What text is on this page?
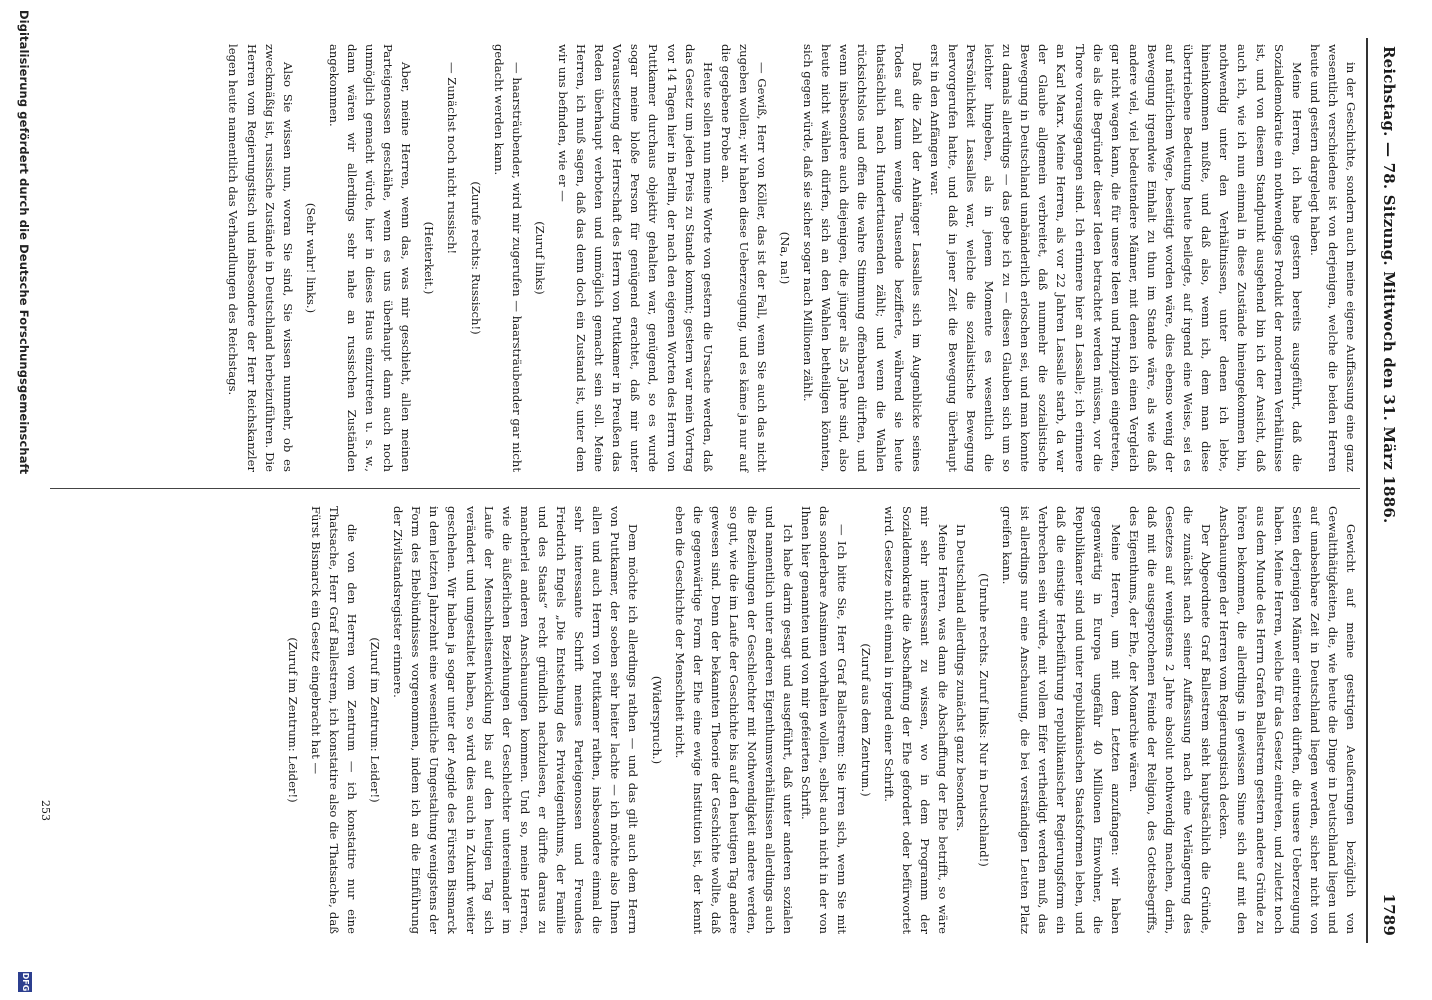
Reichstag. — 78. Sitzung. Mittwoch den 31. März 1886.
1789

in der Geschichte, sondern auch meine eigene Auffassung eine ganz wesentlich verschiedene ist von derjenigen, welche die beiden Herren heute und gestern dargelegt haben.

Meine Herren, ich habe gestern bereits ausgeführt, daß die Sozialdemokratie ein nothwendiges Produkt der modernen Verhältnisse ist, und von diesem Standpunkt ausgehend bin ich der Ansicht, daß auch ich, wie ich nun einmal in diese Zustände hineingekommen bin, nothwendig unter den Verhältnissen, unter denen ich lebte, hineinkommen mußte, und daß also, wenn ich, dem man diese übertriebene Bedeutung heute beilegte, auf irgend eine Weise, sei es auf natürlichem Wege, beseitigt worden wäre, dies ebenso wenig der Bewegung irgendwie Einhalt zu thun im Stande wäre, als wie daß andere viel, viel bedeutendere Männer, mit denen ich einen Vergleich gar nicht wagen kann, die für unsere Ideen und Prinzipien eingetreten, die als die Begründer dieser Ideen betrachtet werden müssen, vor die Thore vorausgegangen sind. Ich erinnere hier an Lassalle; ich erinnere an Karl Marx. Meine Herren, als vor 22 Jahren Lassalle starb, da war der Glaube allgemein verbreitet, daß nunmehr die sozialistische Bewegung in Deutschland unabänderlich erloschen sei, und man konnte zu damals allerdings — das gebe ich zu — diesen Glauben sich um so leichter hingeben, als in jenem Momente es wesentlich die Persönlichkeit Lassalles war, welche die sozialistische Bewegung hervorgerufen hatte, und daß in jener Zeit die Bewegung überhaupt erst in den Anfängen war.

Daß die Zahl der Anhänger Lassalles sich im Augenblicke seines Todes auf kaum wenige Tausende bezifferte, während sie heute thatsächlich nach Hunderttausenden zählt; und wenn die Wahlen rücksichtslos und offen die wahre Stimmung offenbaren dürften, und wenn insbesondere auch diejenigen, die jünger als 25 Jahre sind, also heute nicht wählen dürfen, sich an den Wahlen betheiligen könnten, sich gegen würde, daß sie sicher sogar nach Millionen zählt.

(Na, na!)

— Gewiß, Herr von Köller, das ist der Fall, wenn Sie auch das nicht zugeben wollen; wir haben diese Ueberzeugung, und es käme ja nur auf die gegebene Probe an.

Heute sollen nun meine Worte von gestern die Ursache werden, daß das Gesetz um jeden Preis zu Stande kommt; gestern war mein Vortrag vor 14 Tagen hier in Berlin, der nach den eigenen Worten des Herrn von Puttkamer durchaus objektiv gehalten war, genügend, so es wurde sogar meine bloße Person für genügend erachtet, daß mir unter Voraussetzung der Herrschaft des Herrn von Puttkamer in Preußen das Reden überhaupt verboten und unmöglich gemacht sein soll. Meine Herren, ich muß sagen, daß das denn doch ein Zustand ist, unter dem wir uns befinden, wie er —

(Zuruf links)

— haarsträubender, wird mir zugerufen — haarsträubender gar nicht gedacht werden kann.

(Zurufe rechts: Russisch!)

— Zunächst noch nicht russisch!

(Heiterkeit.)

Aber, meine Herren, wenn das, was mir geschieht, allen meinen Parteigenossen geschähe, wenn es uns überhaupt dann auch noch unmöglich gemacht würde, hier in dieses Haus einzutreten u. s. w., dann wären wir allerdings sehr nahe an russischen Zuständen angekommen.

(Sehr wahr! links.)

Also Sie wissen nun, woran Sie sind, Sie wissen nunmehr, ob es zweckmäßig ist, russische Zustände in Deutschland herbeizuführen. Die Herren vom Regierungstisch und insbesondere der Herr Reichskanzler legen heute namentlich das Verhandlungen des Reichstags.

Gewicht auf meine gestrigen Aeußerungen bezüglich von Gewaltthätigkeiten, die, wie heute die Dinge in Deutschland liegen und auf unabsehbare Zeit in Deutschland liegen werden, sicher nicht von Seiten derjenigen Männer eintreten dürften, die unsere Ueberzeugung haben. Meine Herren, welche für das Gesetz eintreten, und zuletzt noch aus dem Munde des Herrn Grafen Ballestrem gestern andere Gründe zu hören bekommen, die allerdings in gewissem Sinne sich auf mit den Anschauungen der Herren vom Regierungstisch decken.

Der Abgeordnete Graf Ballestrem sieht hauptsächlich die Gründe, die zunächst nach seiner Auffassung nach eine Verlängerung des Gesetzes auf wenigstens 2 Jahre absolut nothwendig machen, darin, daß mit die ausgesprochenen Feinde der Religion, des Gottesbegriffs, des Eigenthums, der Ehe, der Monarchie wären.

Meine Herren, um mit dem Letzten anzufangen: wir haben gegenwärtig in Europa ungefähr 40 Millionen Einwohner, die Republikaner sind und unter republikanischen Staatsformen leben, und daß die einstige Herbeiführung republikanischer Regierungsform ein Verbrechen sein würde, mit vollem Eifer vertheidigt werden muß, das ist allerdings nur eine Anschauung, die bei verständigen Leuten Platz greifen kann.

(Unruhe rechts. Zuruf links: Nur in Deutschland!)

In Deutschland allerdings zunächst ganz besonders.

Meine Herren, was dann die Abschaffung der Ehe betrifft, so wäre mir sehr interessant zu wissen, wo in dem Programm der Sozialdemokratie die Abschaffung der Ehe gefordert oder befürwortet wird. Gesetze nicht einmal in irgend einer Schrift.

(Zuruf aus dem Zentrum.)

— Ich bitte Sie, Herr Graf Ballestrem: Sie irren sich, wenn Sie mit das sonderbare Ansinnen vorhalten wollen, selbst auch nicht in der von Ihnen hier genannten und von mir gefeierten Schrift.

Ich habe darin gesagt und ausgeführt, daß unter anderen sozialen und namentlich unter anderen Eigenthumsverhältnissen allerdings auch die Beziehungen der Geschlechter mit Nothwendigkeit andere werden, so gut, wie die im Laufe der Geschichte bis auf den heutigen Tag andere gewesen sind. Denn der bekannten Theorie der Geschichte wollte, daß die gegenwärtige Form der Ehe eine ewige Institution ist, der kennt eben die Geschichte der Menschheit nicht.

(Widerspruch.)

Dem möchte ich allerdings rathen — und das gilt auch dem Herrn von Puttkamer, der soeben sehr heiter lachte — ich möchte also Ihnen allen und auch Herrn von Puttkamer rathen, insbesondere einmal die sehr interessante Schrift meines Parteigenossen und Freundes Friedrich Engels „Die Entstehung des Privateigenthums, der Familie und des Staats“ recht gründlich nachzulesen, er dürfte daraus zu mancherlei anderen Anschauungen kommen. Und so, meine Herren, wie die äußerlichen Beziehungen der Geschlechter untereinander im Laufe der Menschheitsentwicklung bis auf den heutigen Tag sich verändert und umgestaltet haben, so wird dies auch in Zukunft weiter geschehen. Wir haben ja sogar unter der Aegide des Fürsten Bismarck in dem letzten Jahrzehnt eine wesentliche Umgestaltung wenigstens der Form des Ehebündnisses vorgenommen, indem ich an die Einführung der Zivilstandsregister erinnere.

(Zuruf im Zentrum: Leider!)

die von den Herren vom Zentrum — ich konstatire nur eine Thatsache, Herr Graf Ballestrem, ich konstatire also die Thatsache, daß Fürst Bismarck ein Gesetz eingebracht hat —

(Zuruf im Zentrum: Leider!)

253
Digitalisierung gefördert durch die Deutsche Forschungsgemeinschaft
DFG
